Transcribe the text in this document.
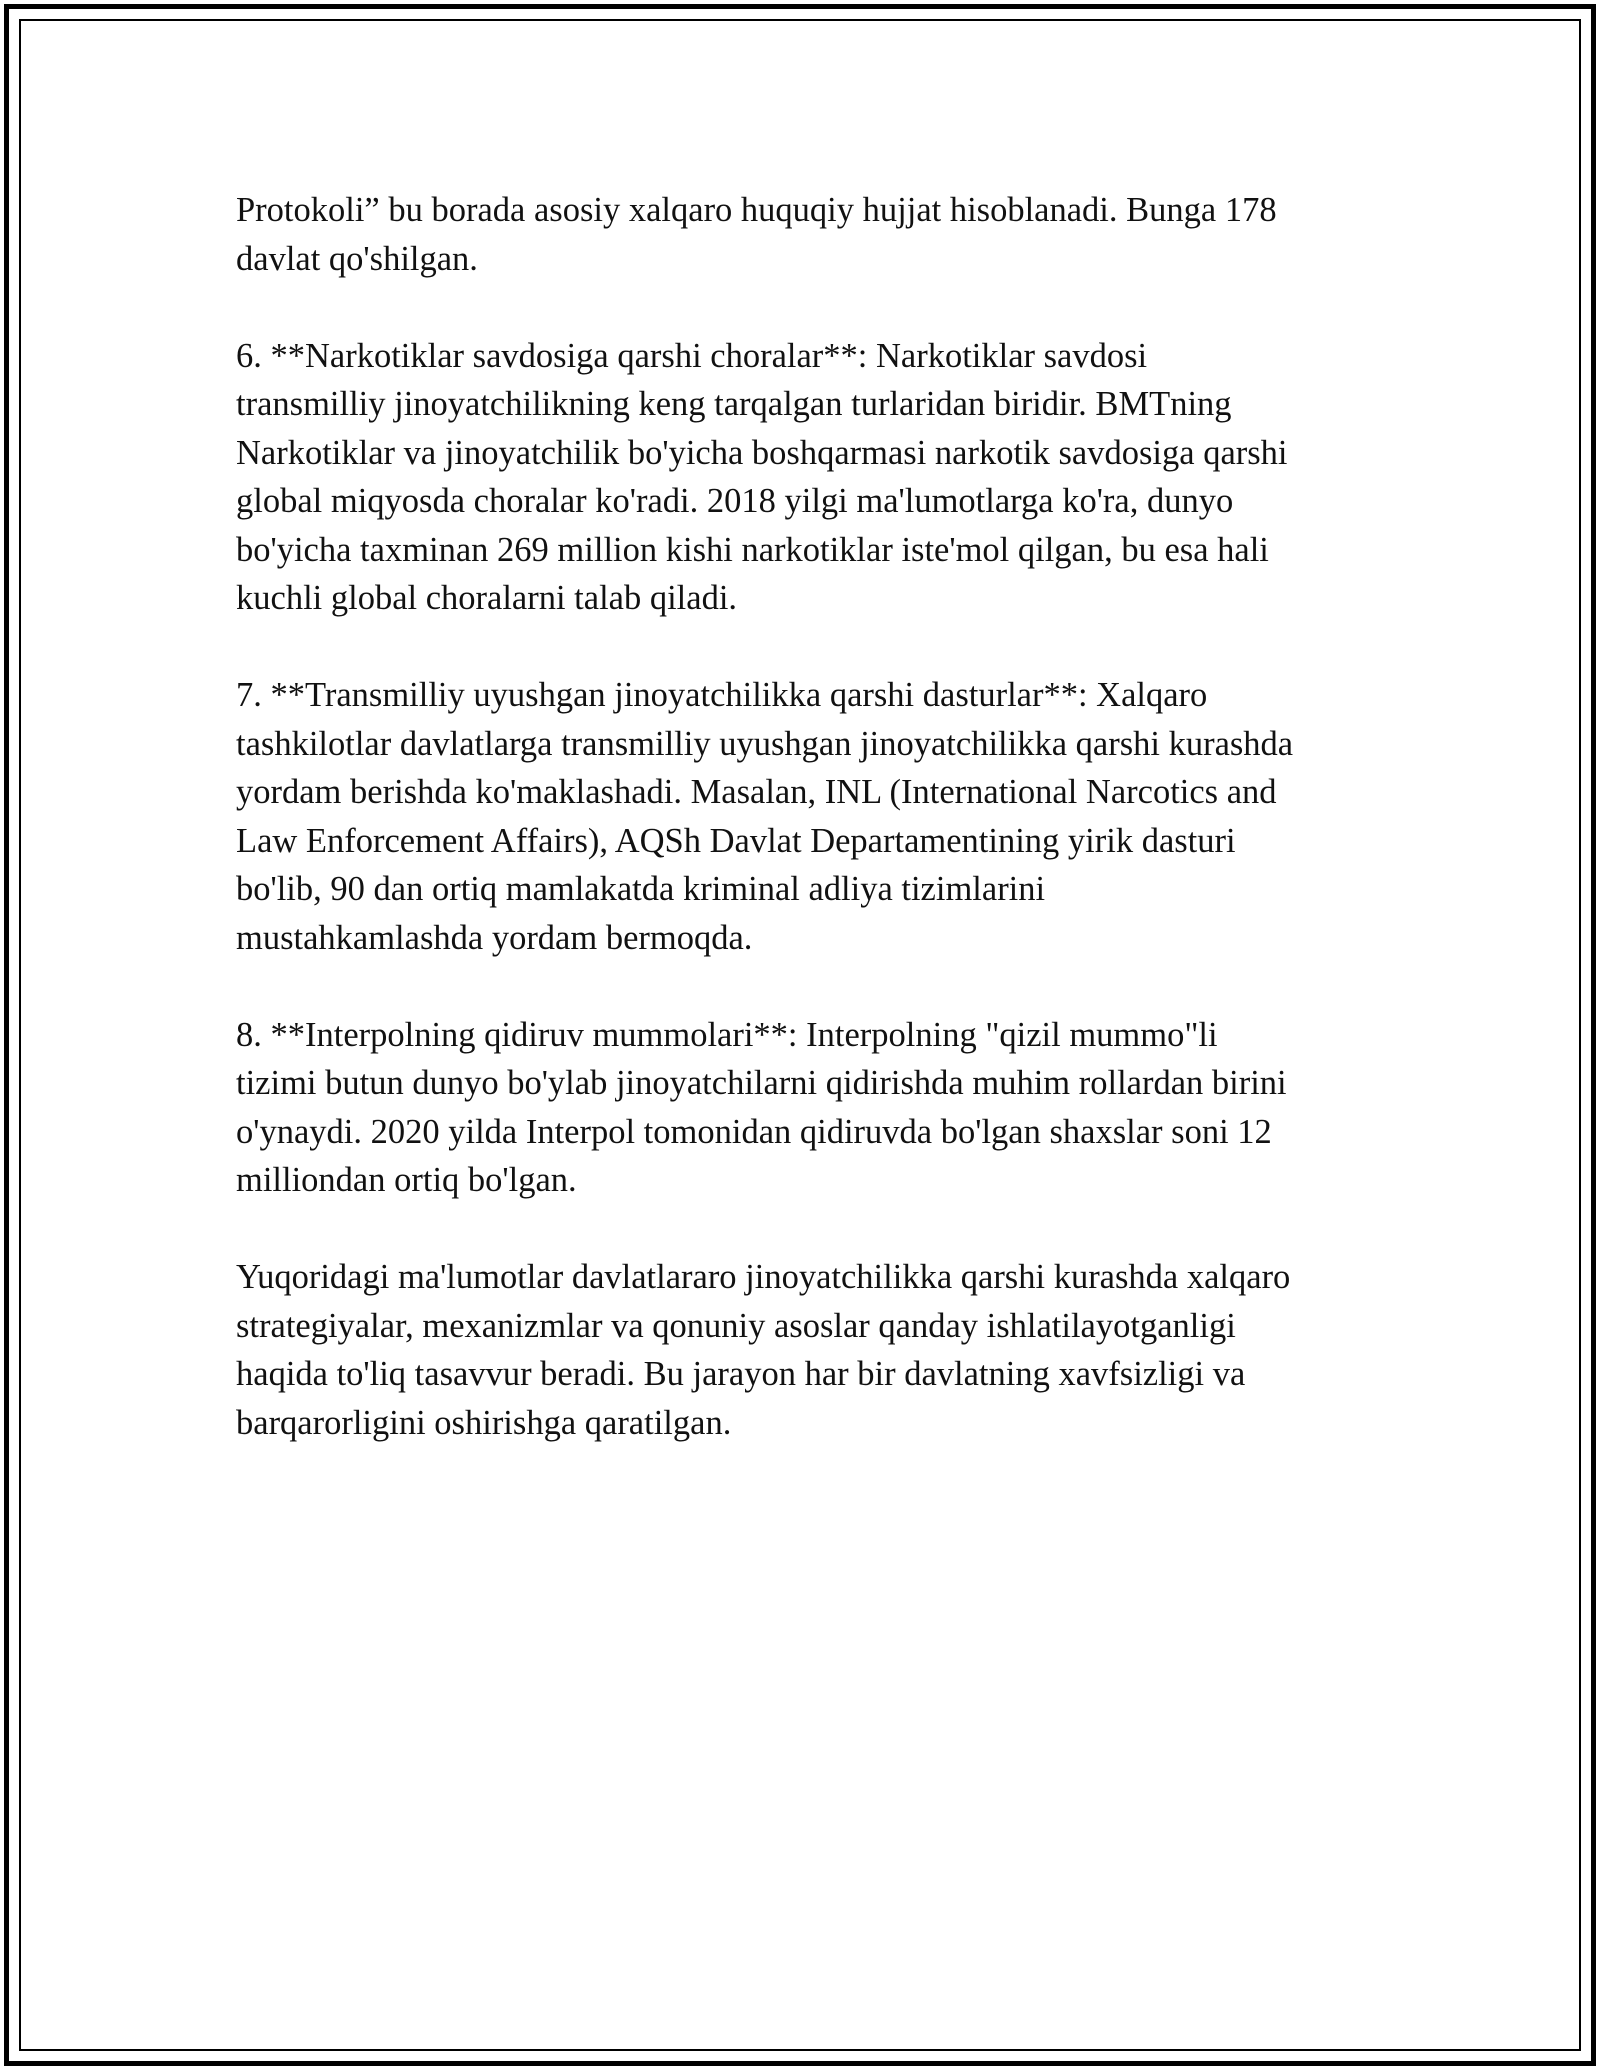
Protokoli” bu borada asosiy xalqaro huquqiy hujjat hisoblanadi. Bunga 178
davlat qo'shilgan.

6. **Narkotiklar savdosiga qarshi choralar**: Narkotiklar savdosi
transmilliy jinoyatchilikning keng tarqalgan turlaridan biridir. BMTning
Narkotiklar va jinoyatchilik bo'yicha boshqarmasi narkotik savdosiga qarshi
global miqyosda choralar ko'radi. 2018 yilgi ma'lumotlarga ko'ra, dunyo
bo'yicha taxminan 269 million kishi narkotiklar iste'mol qilgan, bu esa hali
kuchli global choralarni talab qiladi.

7. **Transmilliy uyushgan jinoyatchilikka qarshi dasturlar**: Xalqaro
tashkilotlar davlatlarga transmilliy uyushgan jinoyatchilikka qarshi kurashda
yordam berishda ko'maklashadi. Masalan, INL (International Narcotics and
Law Enforcement Affairs), AQSh Davlat Departamentining yirik dasturi
bo'lib, 90 dan ortiq mamlakatda kriminal adliya tizimlarini
mustahkamlashda yordam bermoqda.

8. **Interpolning qidiruv mummolari**: Interpolning "qizil mummo"li
tizimi butun dunyo bo'ylab jinoyatchilarni qidirishda muhim rollardan birini
o'ynaydi. 2020 yilda Interpol tomonidan qidiruvda bo'lgan shaxslar soni 12
milliondan ortiq bo'lgan.

Yuqoridagi ma'lumotlar davlatlararo jinoyatchilikka qarshi kurashda xalqaro
strategiyalar, mexanizmlar va qonuniy asoslar qanday ishlatilayotganligi
haqida to'liq tasavvur beradi. Bu jarayon har bir davlatning xavfsizligi va
barqarorligini oshirishga qaratilgan.
